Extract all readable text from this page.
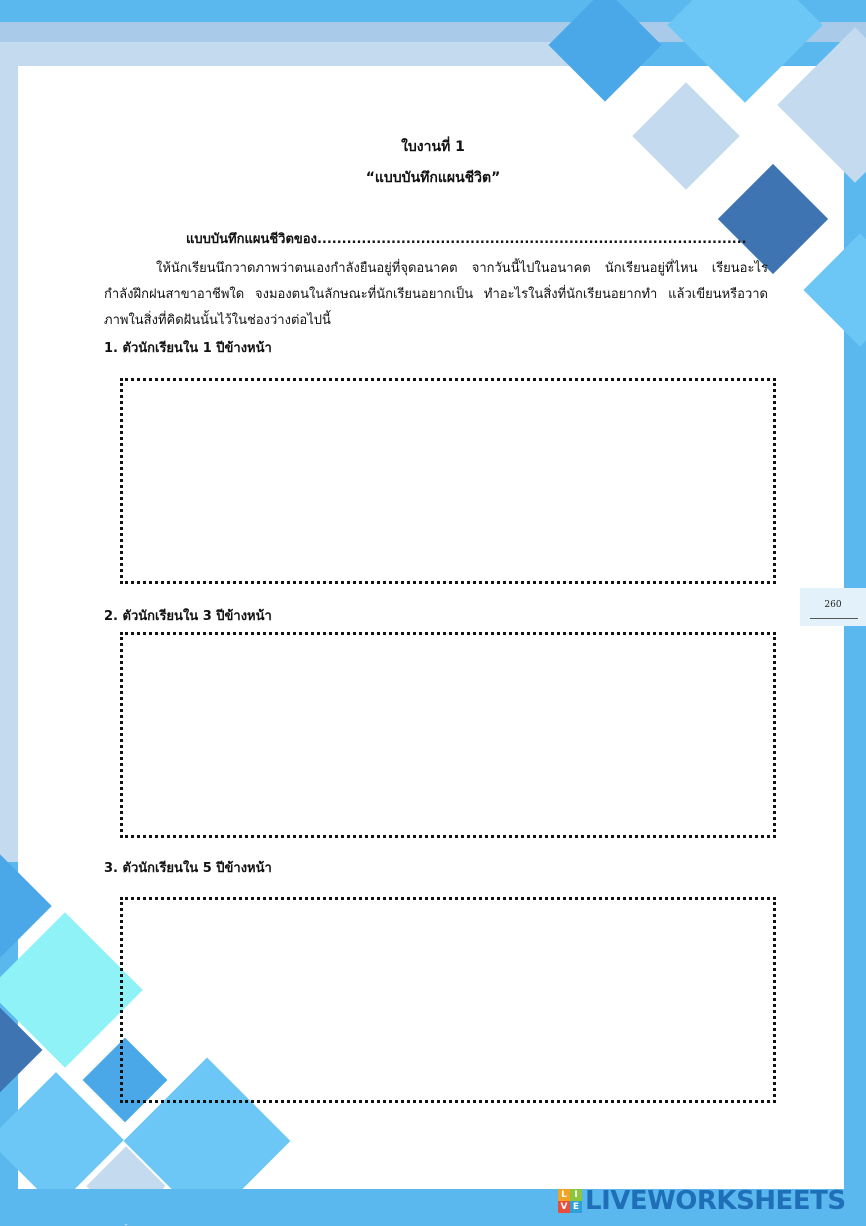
ใบงานที่ 1
“แบบบันทึกแผนชีวิต”
แบบบันทึกแผนชีวิตของ.......................................................................................
ให้นักเรียนนึกวาดภาพว่าตนเองกำลังยืนอยู่ที่จุดอนาคต จากวันนี้ไปในอนาคต นักเรียนอยู่ที่ไหน เรียนอะไร กำลังฝึกฝนสาขาอาชีพใด จงมองตนในลักษณะที่นักเรียนอยากเป็น ทำอะไรในสิ่งที่นักเรียนอยากทำ แล้วเขียนหรือวาดภาพในสิ่งที่คิดฝันนั้นไว้ในช่องว่างต่อไปนี้
1. ตัวนักเรียนใน 1 ปีข้างหน้า
2. ตัวนักเรียนใน 3 ปีข้างหน้า
3. ตัวนักเรียนใน 5 ปีข้างหน้า
260
L I
V E LIVEWORKSHEETS
